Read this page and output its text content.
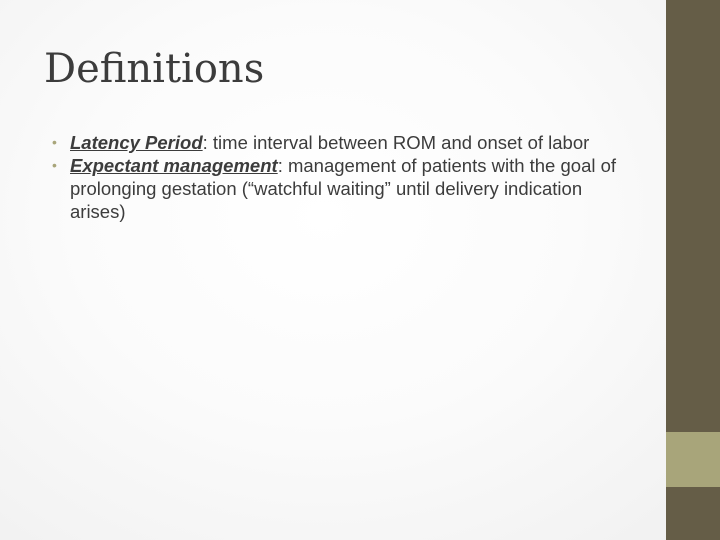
Definitions
• Latency Period: time interval between ROM and onset of labor
• Expectant management: management of patients with the goal of prolonging gestation (“watchful waiting” until delivery indication arises)
